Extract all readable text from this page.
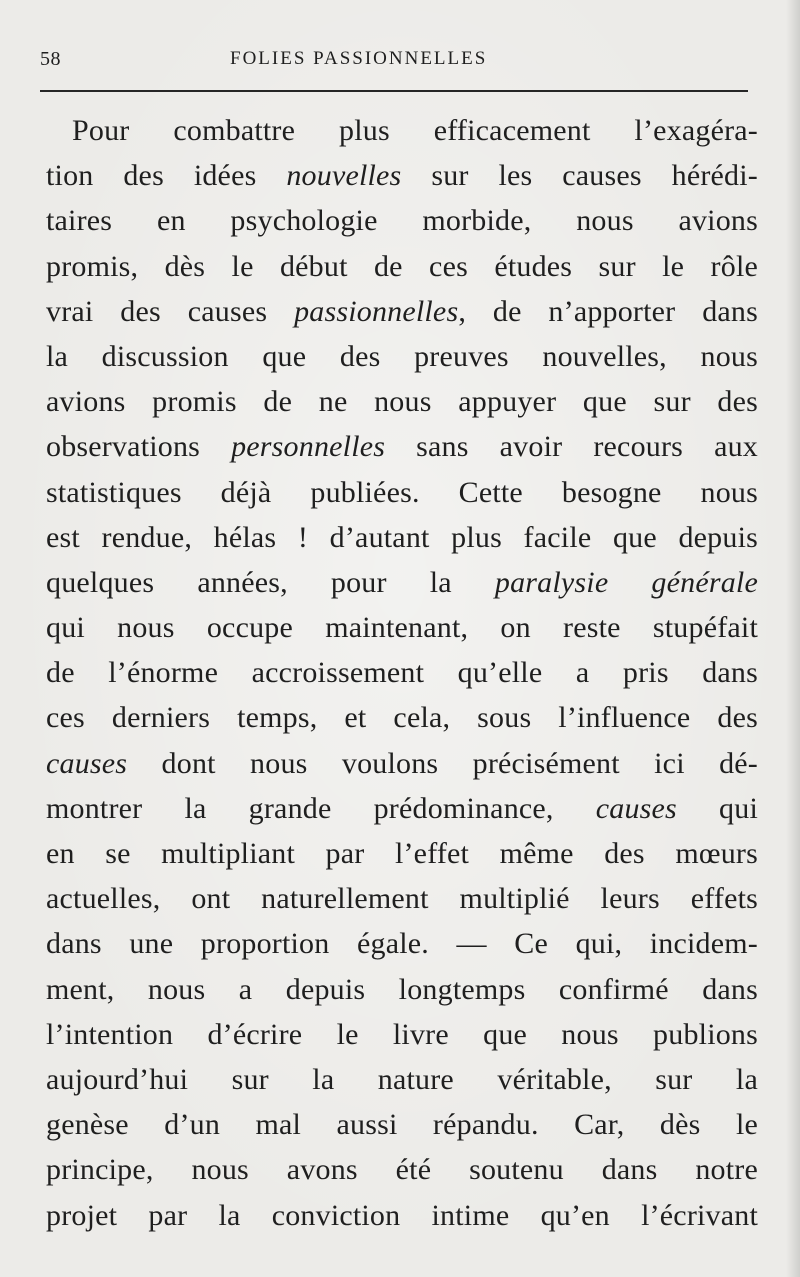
58	FOLIES PASSIONNELLES
Pour combattre plus efficacement l’exagéra-
tion des idées nouvelles sur les causes hérédi-
taires en psychologie morbide, nous avions
promis, dès le début de ces études sur le rôle
vrai des causes passionnelles, de n’apporter dans
la discussion que des preuves nouvelles, nous
avions promis de ne nous appuyer que sur des
observations personnelles sans avoir recours aux
statistiques déjà publiées. Cette besogne nous
est rendue, hélas ! d’autant plus facile que depuis
quelques années, pour la paralysie générale
qui nous occupe maintenant, on reste stupéfait
de l’énorme accroissement qu’elle a pris dans
ces derniers temps, et cela, sous l’influence des
causes dont nous voulons précisément ici dé-
montrer la grande prédominance, causes qui
en se multipliant par l’effet même des mœurs
actuelles, ont naturellement multiplié leurs effets
dans une proportion égale. — Ce qui, incidem-
ment, nous a depuis longtemps confirmé dans
l’intention d’écrire le livre que nous publions
aujourd’hui sur la nature véritable, sur la
genèse d’un mal aussi répandu. Car, dès le
principe, nous avons été soutenu dans notre
projet par la conviction intime qu’en l’écrivant
